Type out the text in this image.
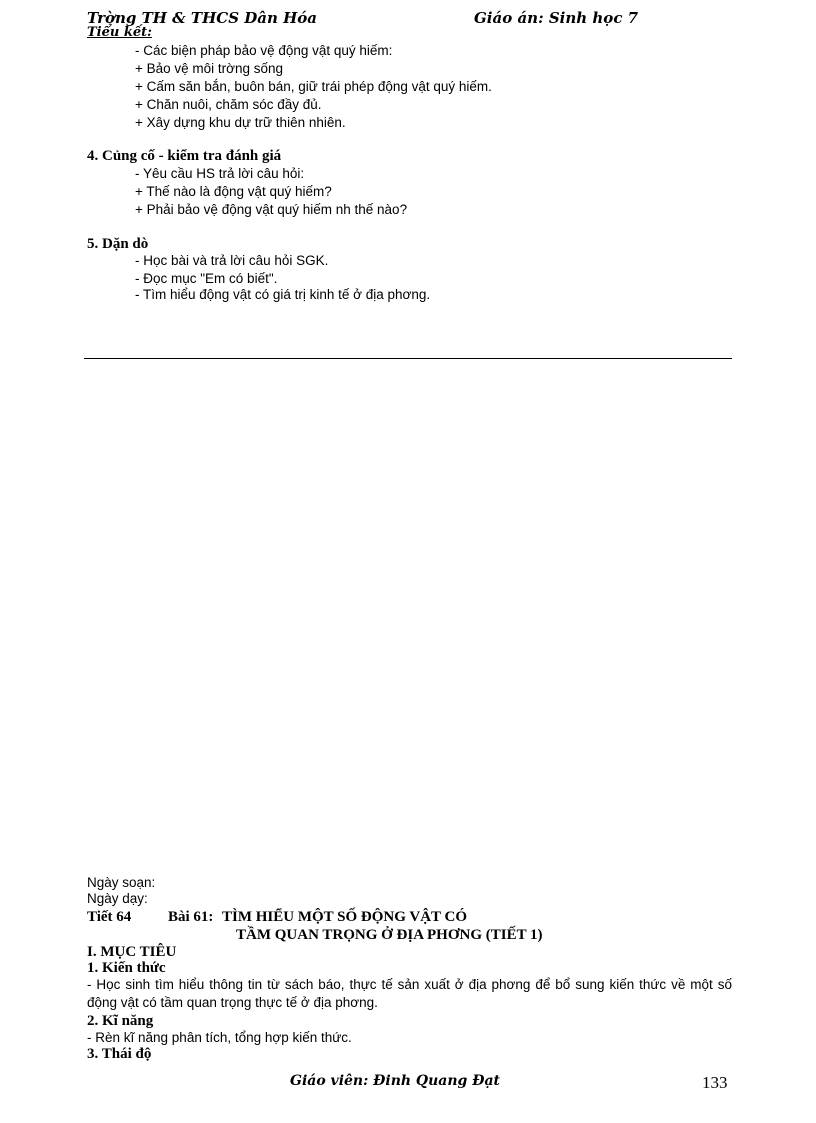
Trờng TH & THCS Dân Hóa	Giáo án: Sinh học 7
Tiểu kết:
- Các biện pháp bảo vệ động vật quý hiếm:
+ Bảo vệ môi trờng sống
+ Cấm săn bắn, buôn bán, giữ trái phép động vật quý hiếm.
+ Chăn nuôi, chăm sóc đầy đủ.
+ Xây dựng khu dự trữ thiên nhiên.
4. Củng cố - kiểm tra đánh giá
- Yêu cầu HS trả lời câu hỏi:
+ Thế nào là động vật quý hiếm?
+ Phải bảo vệ động vật quý hiếm nh thế nào?
5. Dặn dò
- Học bài và trả lời câu hỏi SGK.
- Đọc mục "Em có biết".
- Tìm hiểu động vật có giá trị kinh tế ở địa phơng.
Ngày soạn:
Ngày dạy:
Tiết 64 Bài 61: TÌM HIỂU MỘT SỐ ĐỘNG VẬT CÓ
TẦM QUAN TRỌNG Ở ĐỊA PHƠNG (TIẾT 1)
I. MỤC TIÊU
1. Kiến thức
- Học sinh tìm hiểu thông tin từ sách báo, thực tế sản xuất ở địa phơng để bổ sung kiến thức về một số động vật có tầm quan trọng thực tế ở địa phơng.
2. Kĩ năng
- Rèn kĩ năng phân tích, tổng hợp kiến thức.
3. Thái độ
Giáo viên: Đinh Quang Đạt	133
